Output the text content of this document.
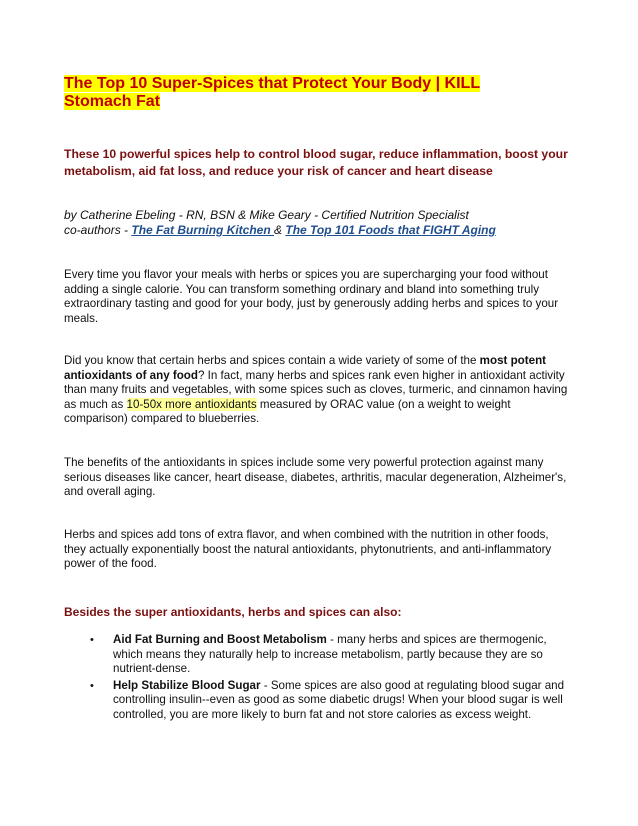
The Top 10 Super-Spices that Protect Your Body | KILL Stomach Fat

These 10 powerful spices help to control blood sugar, reduce inflammation, boost your metabolism, aid fat loss, and reduce your risk of cancer and heart disease

by Catherine Ebeling - RN, BSN & Mike Geary - Certified Nutrition Specialist
co-authors - The Fat Burning Kitchen & The Top 101 Foods that FIGHT Aging

Every time you flavor your meals with herbs or spices you are supercharging your food without adding a single calorie. You can transform something ordinary and bland into something truly extraordinary tasting and good for your body, just by generously adding herbs and spices to your meals.

Did you know that certain herbs and spices contain a wide variety of some of the most potent antioxidants of any food? In fact, many herbs and spices rank even higher in antioxidant activity than many fruits and vegetables, with some spices such as cloves, turmeric, and cinnamon having as much as 10-50x more antioxidants measured by ORAC value (on a weight to weight comparison) compared to blueberries.

The benefits of the antioxidants in spices include some very powerful protection against many serious diseases like cancer, heart disease, diabetes, arthritis, macular degeneration, Alzheimer's, and overall aging.

Herbs and spices add tons of extra flavor, and when combined with the nutrition in other foods, they actually exponentially boost the natural antioxidants, phytonutrients, and anti-inflammatory power of the food.

Besides the super antioxidants, herbs and spices can also:

• Aid Fat Burning and Boost Metabolism - many herbs and spices are thermogenic, which means they naturally help to increase metabolism, partly because they are so nutrient-dense.
• Help Stabilize Blood Sugar - Some spices are also good at regulating blood sugar and controlling insulin--even as good as some diabetic drugs! When your blood sugar is well controlled, you are more likely to burn fat and not store calories as excess weight.
